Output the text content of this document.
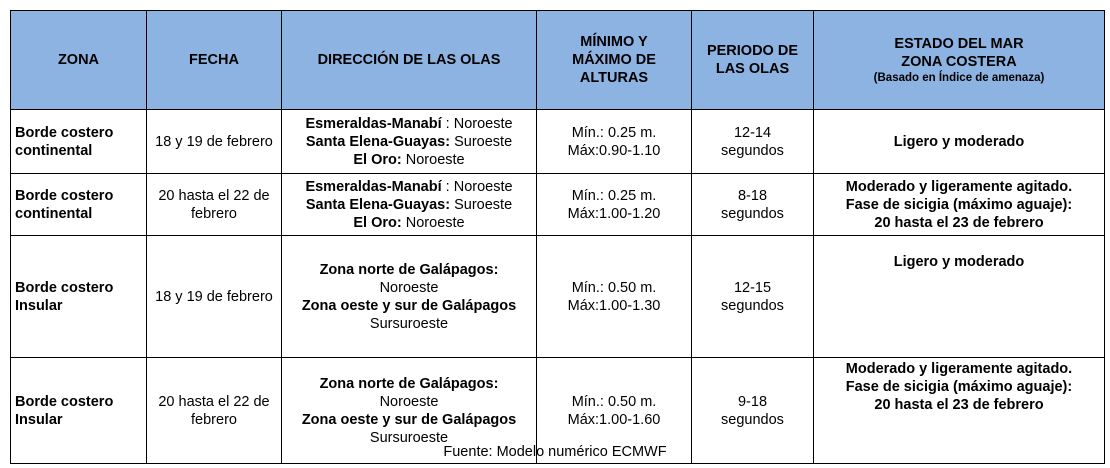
ZONA	FECHA	DIRECCIÓN DE LAS OLAS	MÍNIMO Y
MÁXIMO DE
ALTURAS	PERIODO DE
LAS OLAS	ESTADO DEL MAR
ZONA COSTERA
(Basado en Índice de amenaza)

Borde costero
continental	18 y 19 de febrero	Esmeraldas-Manabí : Noroeste
Santa Elena-Guayas: Suroeste
El Oro: Noroeste	Mín.: 0.25 m.
Máx:0.90-1.10	12-14
segundos	Ligero y moderado

Borde costero
continental	20 hasta el 22 de
febrero	Esmeraldas-Manabí : Noroeste
Santa Elena-Guayas: Suroeste
El Oro: Noroeste	Mín.: 0.25 m.
Máx:1.00-1.20	8-18
segundos	Moderado y ligeramente agitado.
Fase de sicigia (máximo aguaje):
20 hasta el 23 de febrero

Borde costero
Insular	18 y 19 de febrero	Zona norte de Galápagos:
Noroeste
Zona oeste y sur de Galápagos
Sursuroeste	Mín.: 0.50 m.
Máx:1.00-1.30	12-15
segundos	Ligero y moderado

Borde costero
Insular	20 hasta el 22 de
febrero	Zona norte de Galápagos:
Noroeste
Zona oeste y sur de Galápagos
Sursuroeste	Mín.: 0.50 m.
Máx:1.00-1.60	9-18
segundos	Moderado y ligeramente agitado.
Fase de sicigia (máximo aguaje):
20 hasta el 23 de febrero
Fuente: Modelo numérico ECMWF
